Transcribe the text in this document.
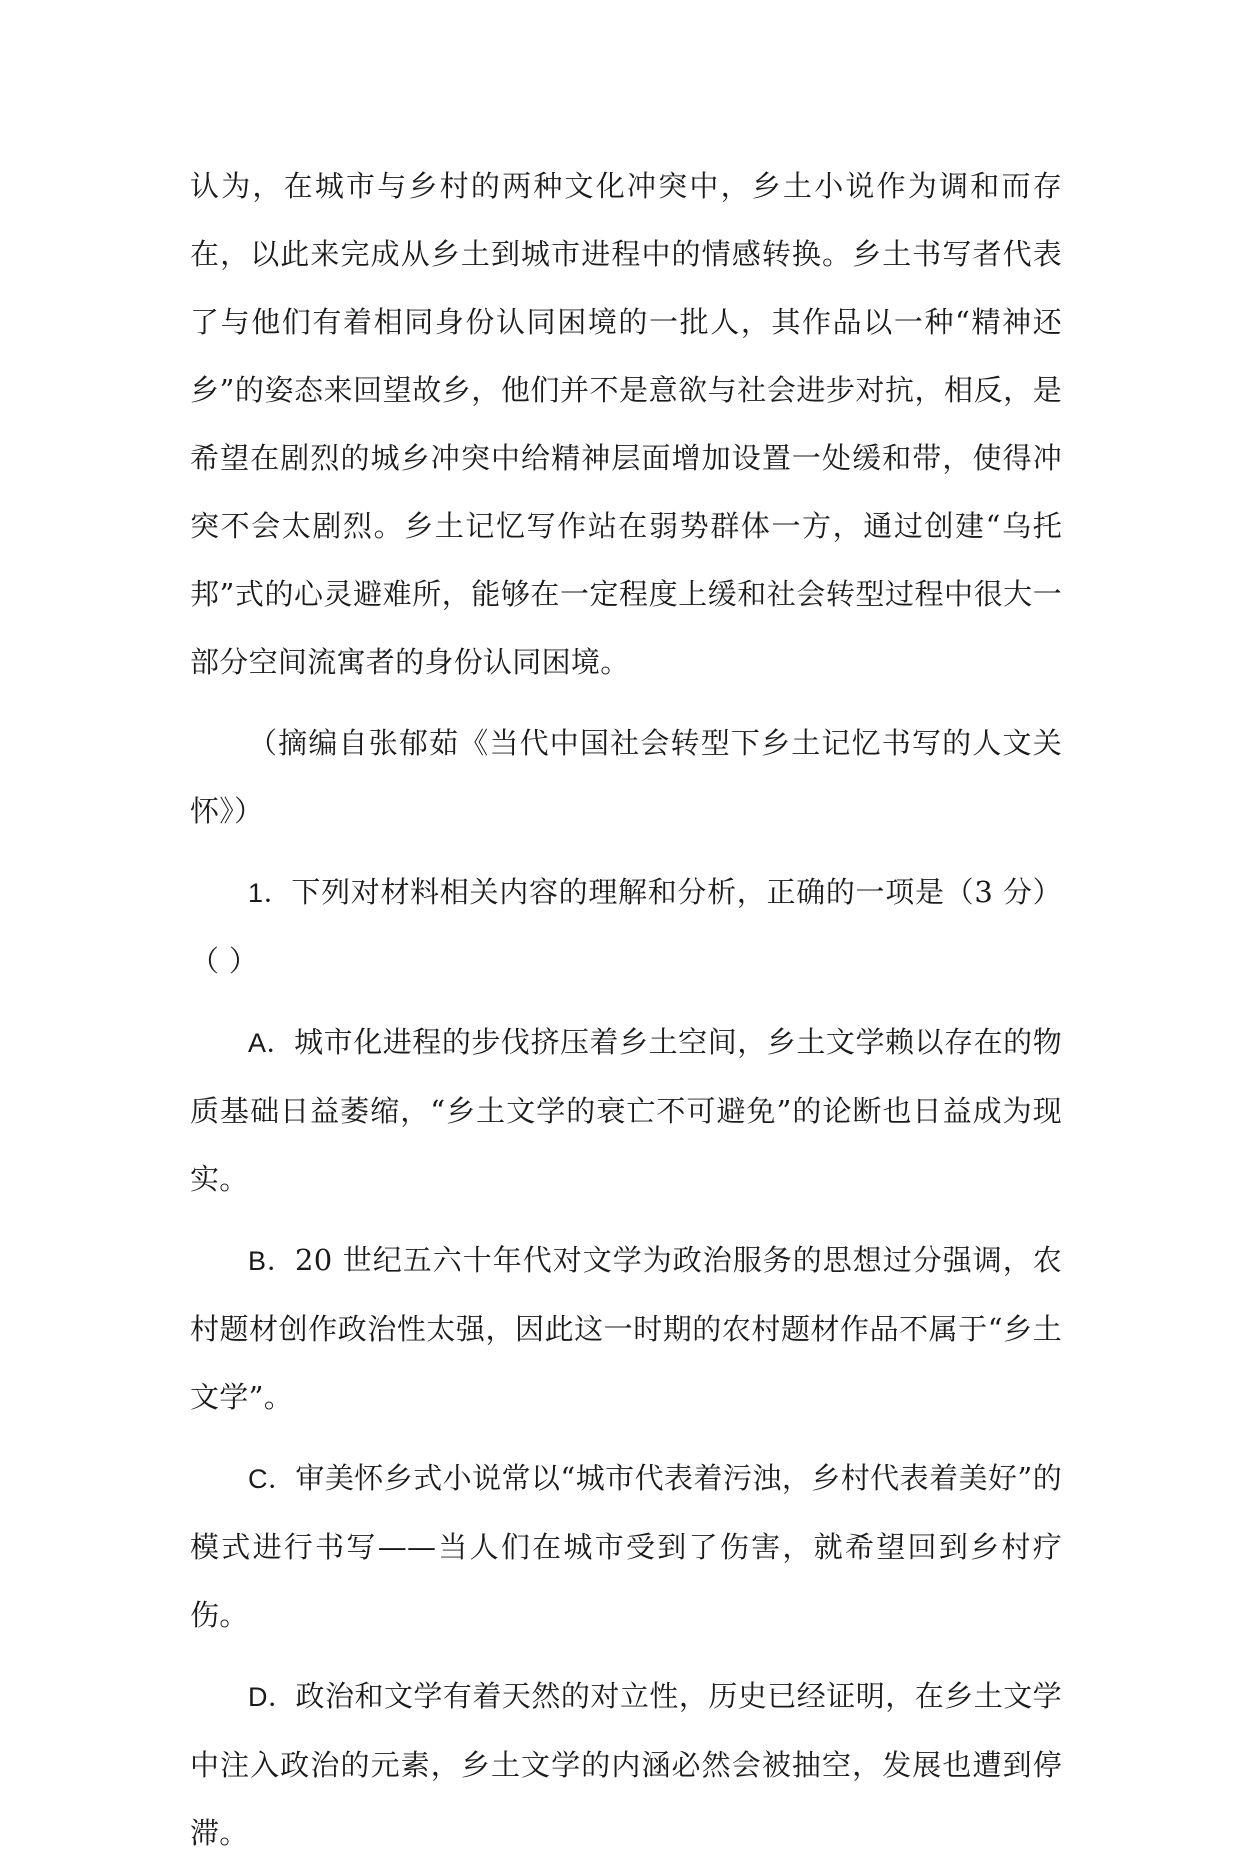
认为，在城市与乡村的两种文化冲突中，乡土小说作为调和而存在，以此来完成从乡土到城市进程中的情感转换。乡土书写者代表了与他们有着相同身份认同困境的一批人，其作品以一种“精神还乡”的姿态来回望故乡，他们并不是意欲与社会进步对抗，相反，是希望在剧烈的城乡冲突中给精神层面增加设置一处缓和带，使得冲突不会太剧烈。乡土记忆写作站在弱势群体一方，通过创建“乌托邦”式的心灵避难所，能够在一定程度上缓和社会转型过程中很大一部分空间流寓者的身份认同困境。

（摘编自张郁茹《当代中国社会转型下乡土记忆书写的人文关怀》）

1．下列对材料相关内容的理解和分析，正确的一项是（3 分）（ ）

A．城市化进程的步伐挤压着乡土空间，乡土文学赖以存在的物质基础日益萎缩，“乡土文学的衰亡不可避免”的论断也日益成为现实。

B．20 世纪五六十年代对文学为政治服务的思想过分强调，农村题材创作政治性太强，因此这一时期的农村题材作品不属于“乡土文学”。

C．审美怀乡式小说常以“城市代表着污浊，乡村代表着美好”的模式进行书写——当人们在城市受到了伤害，就希望回到乡村疗伤。

D．政治和文学有着天然的对立性，历史已经证明，在乡土文学中注入政治的元素，乡土文学的内涵必然会被抽空，发展也遭到停滞。
